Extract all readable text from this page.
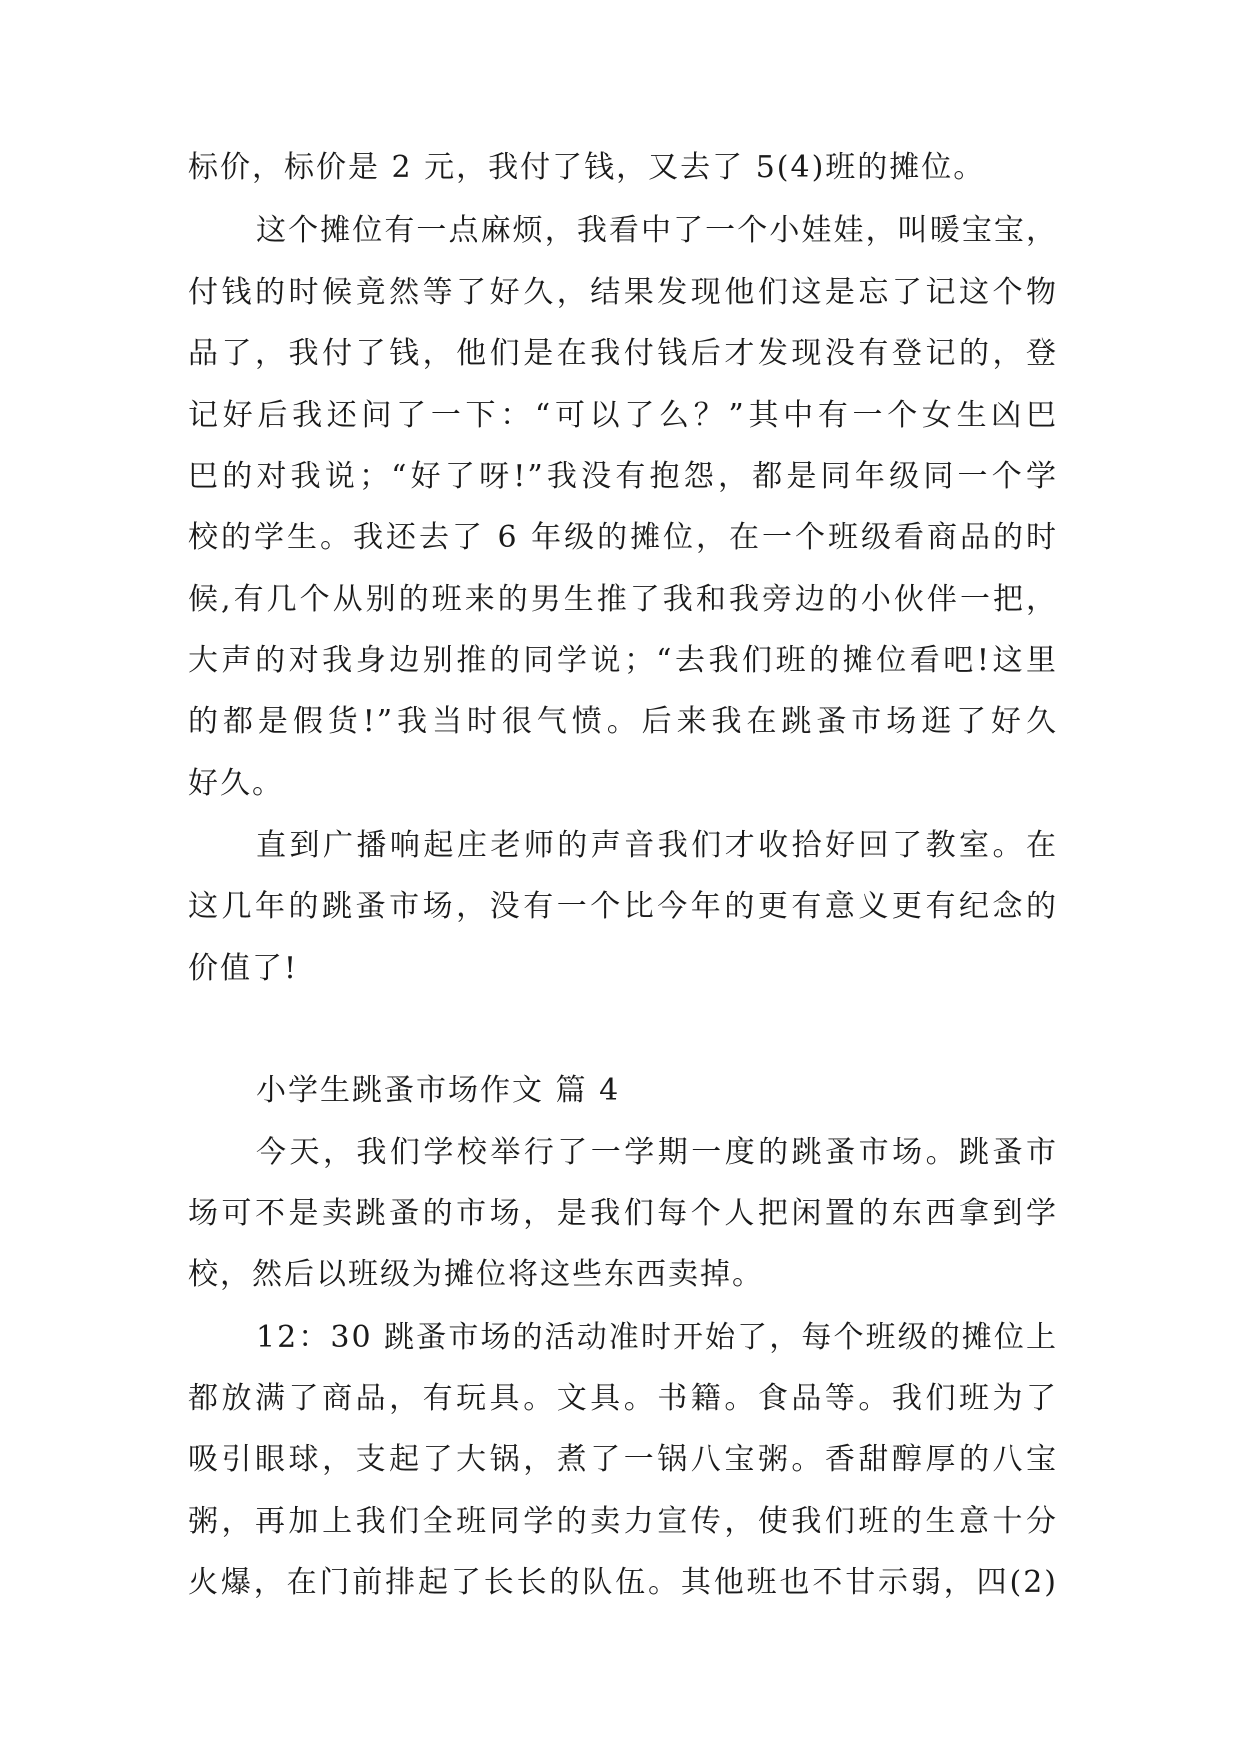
标价，标价是 2 元，我付了钱，又去了 5(4)班的摊位。
这个摊位有一点麻烦，我看中了一个小娃娃，叫暖宝宝，
付钱的时候竟然等了好久，结果发现他们这是忘了记这个物
品了，我付了钱，他们是在我付钱后才发现没有登记的，登
记好后我还问了一下：“可以了么？”其中有一个女生凶巴
巴的对我说；“好了呀!”我没有抱怨，都是同年级同一个学
校的学生。我还去了 6 年级的摊位，在一个班级看商品的时
候,有几个从别的班来的男生推了我和我旁边的小伙伴一把，
大声的对我身边别推的同学说；“去我们班的摊位看吧!这里
的都是假货!”我当时很气愤。后来我在跳蚤市场逛了好久
好久。
直到广播响起庄老师的声音我们才收拾好回了教室。在
这几年的跳蚤市场，没有一个比今年的更有意义更有纪念的
价值了!
小学生跳蚤市场作文 篇 4
今天，我们学校举行了一学期一度的跳蚤市场。跳蚤市
场可不是卖跳蚤的市场，是我们每个人把闲置的东西拿到学
校，然后以班级为摊位将这些东西卖掉。
12：30 跳蚤市场的活动准时开始了，每个班级的摊位上
都放满了商品，有玩具。文具。书籍。食品等。我们班为了
吸引眼球，支起了大锅，煮了一锅八宝粥。香甜醇厚的八宝
粥，再加上我们全班同学的卖力宣传，使我们班的生意十分
火爆，在门前排起了长长的队伍。其他班也不甘示弱，四(2)
